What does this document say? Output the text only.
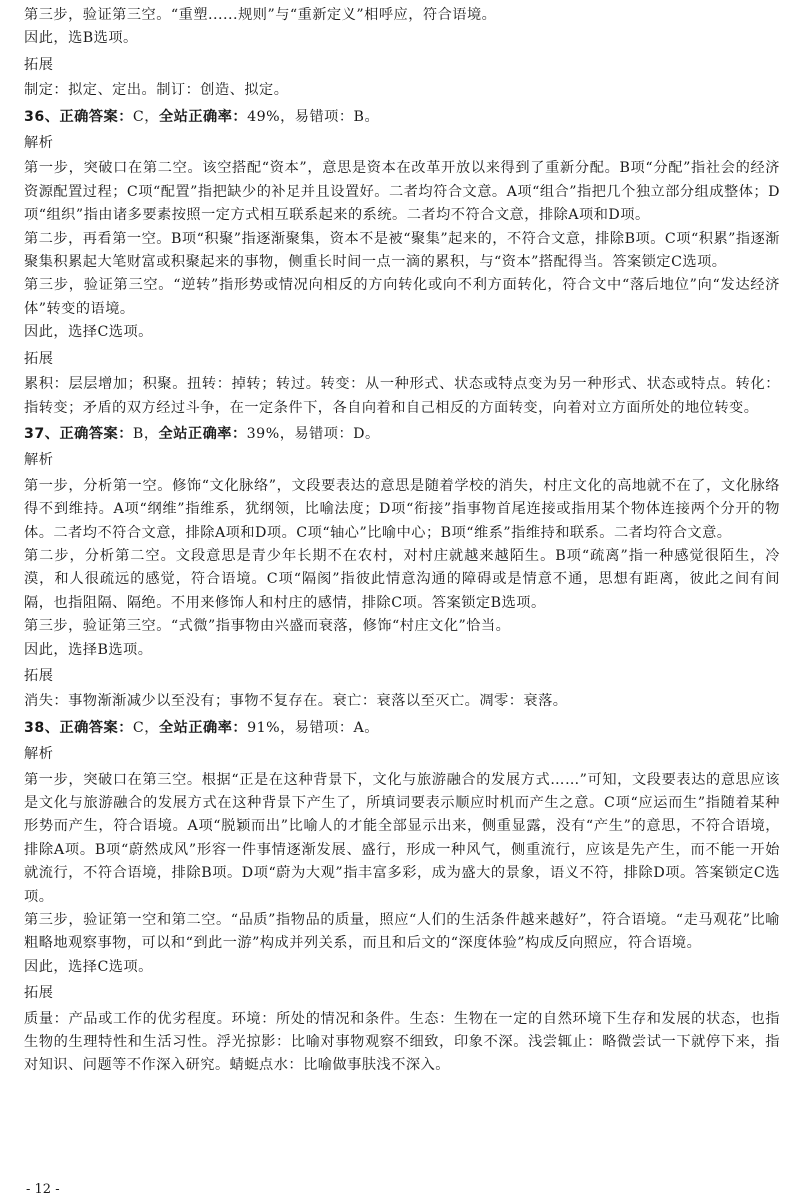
第三步，验证第三空。“重塑......规则”与“重新定义”相呼应，符合语境。

因此，选B选项。

拓展

制定：拟定、定出。制订：创造、拟定。

36、正确答案：C，全站正确率：49%，易错项：B。

解析

第一步，突破口在第二空。该空搭配“资本”，意思是资本在改革开放以来得到了重新分配。B项“分配”指社会的经济资源配置过程；C项“配置”指把缺少的补足并且设置好。二者均符合文意。A项“组合”指把几个独立部分组成整体；D项“组织”指由诸多要素按照一定方式相互联系起来的系统。二者均不符合文意，排除A项和D项。

第二步，再看第一空。B项“积聚”指逐渐聚集，资本不是被“聚集”起来的，不符合文意，排除B项。C项“积累”指逐渐聚集积累起大笔财富或积聚起来的事物，侧重长时间一点一滴的累积，与“资本”搭配得当。答案锁定C选项。

第三步，验证第三空。“逆转”指形势或情况向相反的方向转化或向不利方面转化，符合文中“落后地位”向“发达经济体”转变的语境。

因此，选择C选项。

拓展

累积：层层增加；积聚。扭转：掉转；转过。转变：从一种形式、状态或特点变为另一种形式、状态或特点。转化：指转变；矛盾的双方经过斗争，在一定条件下，各自向着和自己相反的方面转变，向着对立方面所处的地位转变。

37、正确答案：B，全站正确率：39%，易错项：D。

解析

第一步，分析第一空。修饰“文化脉络”，文段要表达的意思是随着学校的消失，村庄文化的高地就不在了，文化脉络得不到维持。A项“纲维”指维系，犹纲领，比喻法度；D项“衔接”指事物首尾连接或指用某个物体连接两个分开的物体。二者均不符合文意，排除A项和D项。C项“轴心”比喻中心；B项“维系”指维持和联系。二者均符合文意。

第二步，分析第二空。文段意思是青少年长期不在农村，对村庄就越来越陌生。B项“疏离”指一种感觉很陌生，冷漠，和人很疏远的感觉，符合语境。C项“隔阂”指彼此情意沟通的障碍或是情意不通，思想有距离，彼此之间有间隔，也指阻隔、隔绝。不用来修饰人和村庄的感情，排除C项。答案锁定B选项。

第三步，验证第三空。“式微”指事物由兴盛而衰落，修饰“村庄文化”恰当。

因此，选择B选项。

拓展

消失：事物渐渐减少以至没有；事物不复存在。衰亡：衰落以至灭亡。凋零：衰落。

38、正确答案：C，全站正确率：91%，易错项：A。

解析

第一步，突破口在第三空。根据“正是在这种背景下，文化与旅游融合的发展方式……”可知，文段要表达的意思应该是文化与旅游融合的发展方式在这种背景下产生了，所填词要表示顺应时机而产生之意。C项“应运而生”指随着某种形势而产生，符合语境。A项“脱颖而出”比喻人的才能全部显示出来，侧重显露，没有“产生”的意思，不符合语境，排除A项。B项“蔚然成风”形容一件事情逐渐发展、盛行，形成一种风气，侧重流行，应该是先产生，而不能一开始就流行，不符合语境，排除B项。D项“蔚为大观”指丰富多彩，成为盛大的景象，语义不符，排除D项。答案锁定C选项。

第三步，验证第一空和第二空。“品质”指物品的质量，照应“人们的生活条件越来越好”，符合语境。“走马观花”比喻粗略地观察事物，可以和“到此一游”构成并列关系，而且和后文的“深度体验”构成反向照应，符合语境。

因此，选择C选项。

拓展

质量：产品或工作的优劣程度。环境：所处的情况和条件。生态：生物在一定的自然环境下生存和发展的状态，也指生物的生理特性和生活习性。浮光掠影：比喻对事物观察不细致，印象不深。浅尝辄止：略微尝试一下就停下来，指对知识、问题等不作深入研究。蜻蜓点水：比喻做事肤浅不深入。

- 12 -
